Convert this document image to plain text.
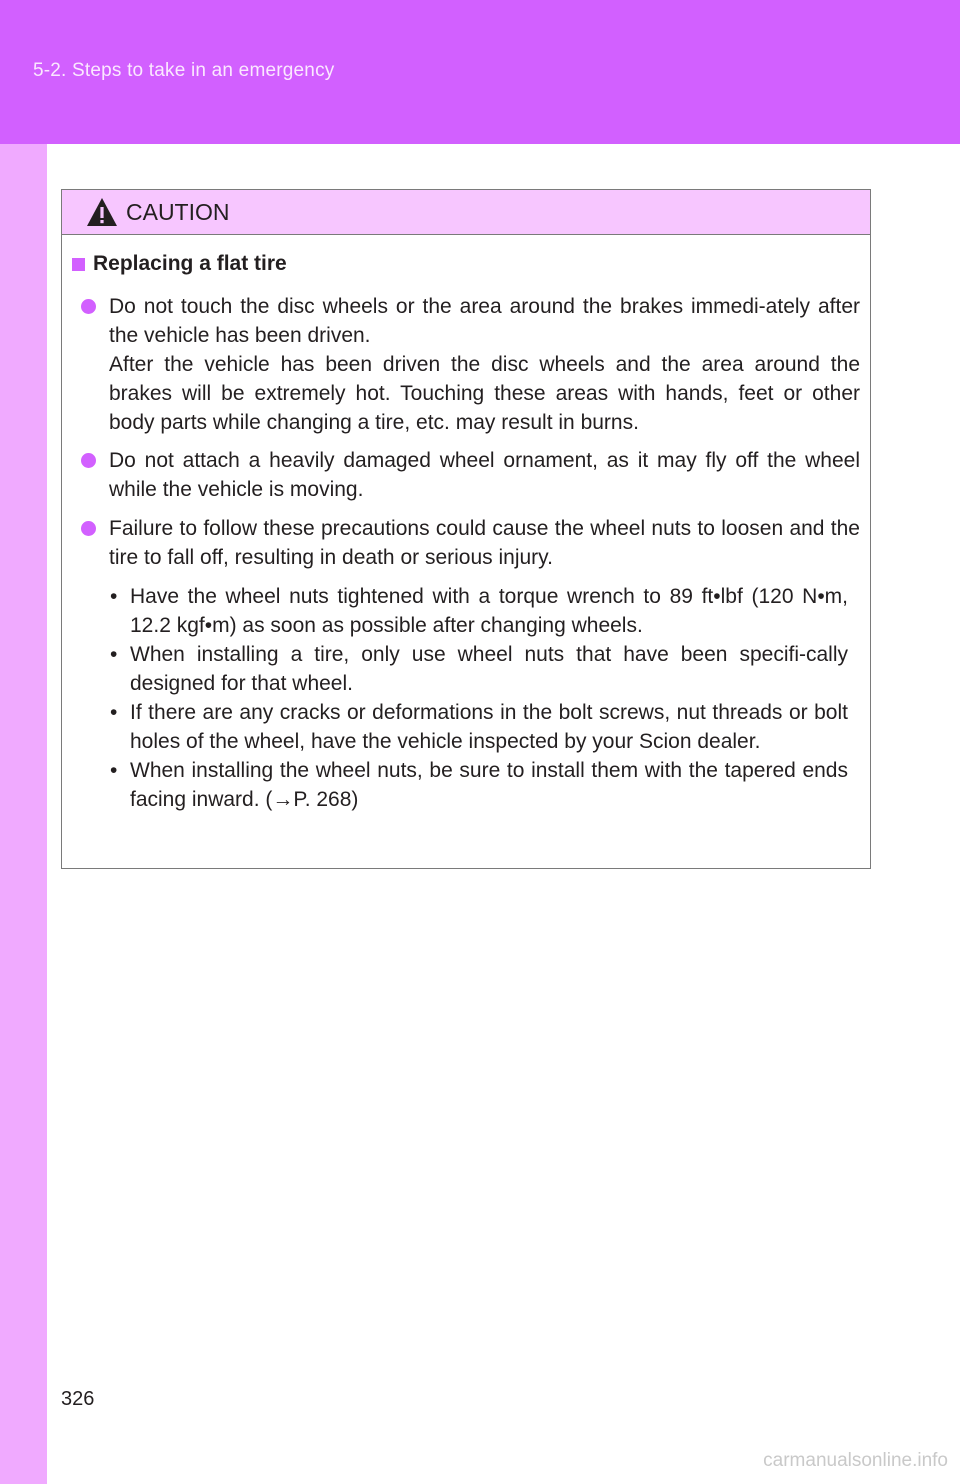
5-2. Steps to take in an emergency
CAUTION
Replacing a flat tire

Do not touch the disc wheels or the area around the brakes immedi-ately after the vehicle has been driven.

After the vehicle has been driven the disc wheels and the area around the brakes will be extremely hot. Touching these areas with hands, feet or other body parts while changing a tire, etc. may result in burns.

Do not attach a heavily damaged wheel ornament, as it may fly off the wheel while the vehicle is moving.

Failure to follow these precautions could cause the wheel nuts to loosen and the tire to fall off, resulting in death or serious injury.

• Have the wheel nuts tightened with a torque wrench to 89 ft•lbf (120 N•m, 12.2 kgf•m) as soon as possible after changing wheels.
• When installing a tire, only use wheel nuts that have been specifi-cally designed for that wheel.
• If there are any cracks or deformations in the bolt screws, nut threads or bolt holes of the wheel, have the vehicle inspected by your Scion dealer.
• When installing the wheel nuts, be sure to install them with the tapered ends facing inward. (→P. 268)
326
carmanualsonline.info
